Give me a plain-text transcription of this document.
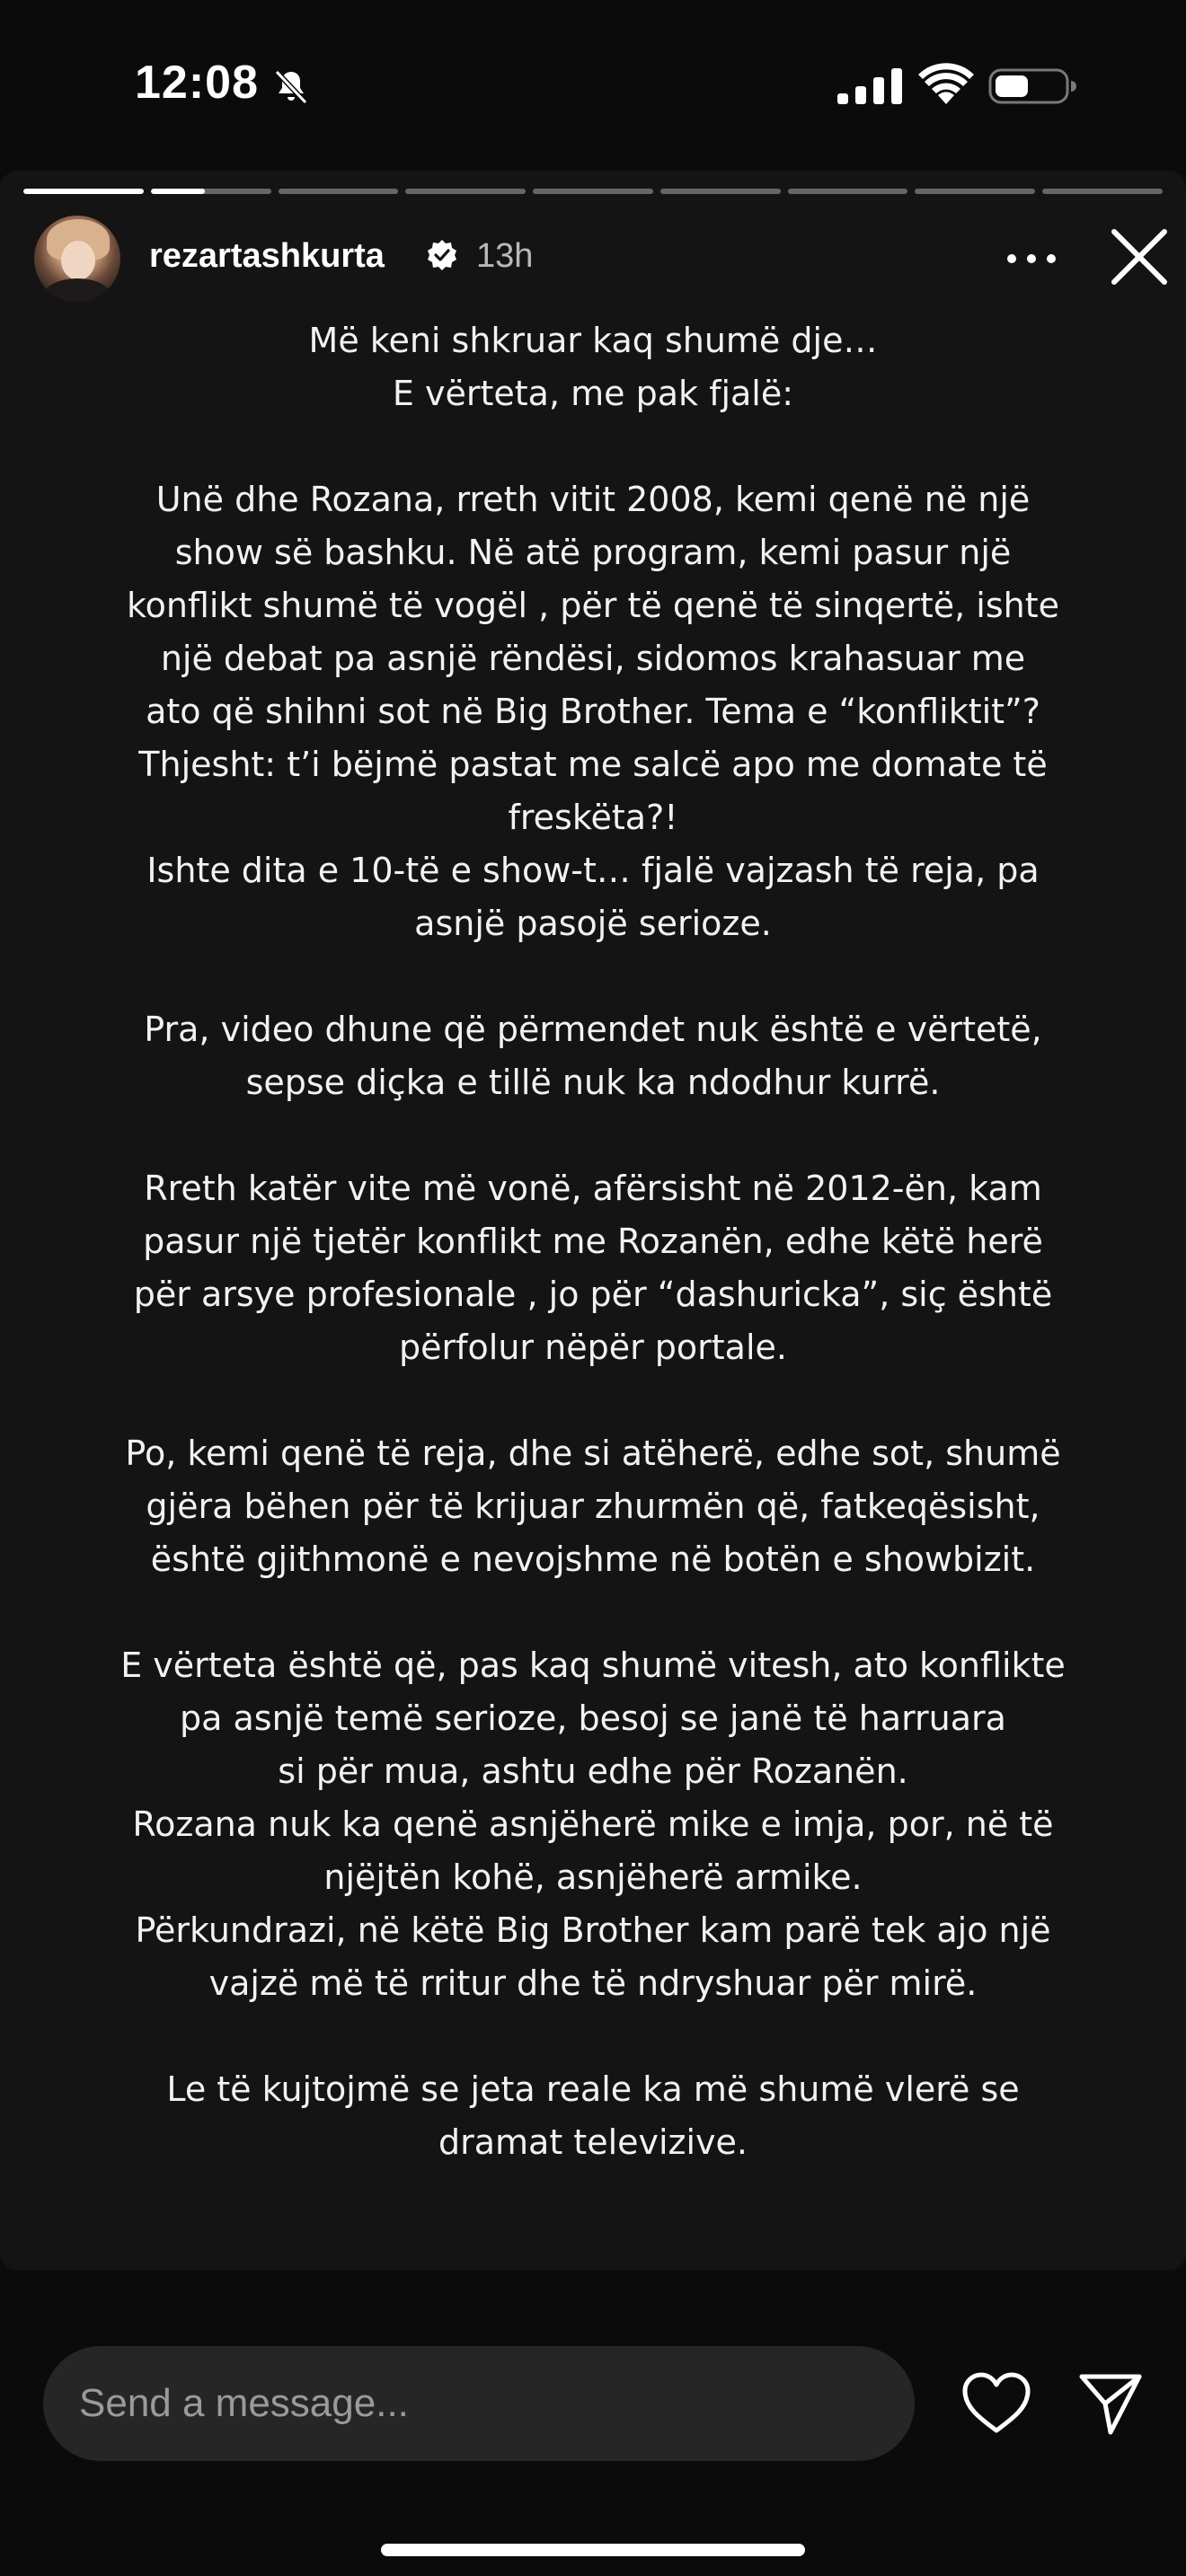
12:08
rezartashkurta	13h
Më keni shkruar kaq shumë dje…
E vërteta, me pak fjalë:
Unë dhe Rozana, rreth vitit 2008, kemi qenë në një
show së bashku. Në atë program, kemi pasur një
konflikt shumë të vogël , për të qenë të sinqertë, ishte
një debat pa asnjë rëndësi, sidomos krahasuar me
ato që shihni sot në Big Brother. Tema e “konfliktit”?
Thjesht: t’i bëjmë pastat me salcë apo me domate të
freskëta?!
Ishte dita e 10-të e show-t… fjalë vajzash të reja, pa
asnjë pasojë serioze.
Pra, video dhune që përmendet nuk është e vërtetë,
sepse diçka e tillë nuk ka ndodhur kurrë.
Rreth katër vite më vonë, afërsisht në 2012-ën, kam
pasur një tjetër konflikt me Rozanën, edhe këtë herë
për arsye profesionale , jo për “dashuricka”, siç është
përfolur nëpër portale.
Po, kemi qenë të reja, dhe si atëherë, edhe sot, shumë
gjëra bëhen për të krijuar zhurmën që, fatkeqësisht,
është gjithmonë e nevojshme në botën e showbizit.
E vërteta është që, pas kaq shumë vitesh, ato konflikte
pa asnjë temë serioze, besoj se janë të harruara
si për mua, ashtu edhe për Rozanën.
Rozana nuk ka qenë asnjëherë mike e imja, por, në të
njëjtën kohë, asnjëherë armike.
Përkundrazi, në këtë Big Brother kam parë tek ajo një
vajzë më të rritur dhe të ndryshuar për mirë.
Le të kujtojmë se jeta reale ka më shumë vlerë se
dramat televizive.
Send a message...
